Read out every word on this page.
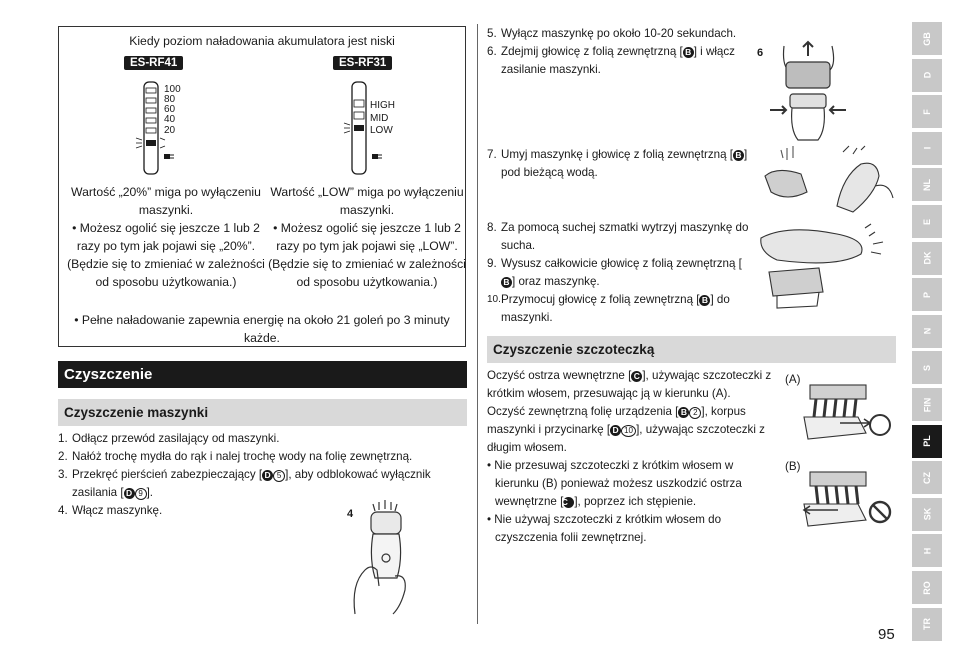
Kiedy poziom naładowania akumulatora jest niski
ES-RF41	ES-RF31
100
80
60
40
20
HIGH
MID
LOW
Wartość „20%” miga po wyłączeniu maszynki.
• Możesz ogolić się jeszcze 1 lub 2 razy po tym jak pojawi się „20%”. (Będzie się to zmieniać w zależności od sposobu użytkowania.)
Wartość „LOW” miga po wyłączeniu maszynki.
• Możesz ogolić się jeszcze 1 lub 2 razy po tym jak pojawi się „LOW”. (Będzie się to zmieniać w zależności od sposobu użytkowania.)
• Pełne naładowanie zapewnia energię na około 21 goleń po 3 minuty każde.
Czyszczenie
Czyszczenie maszynki
1. Odłącz przewód zasilający od maszynki.
2. Nałóż trochę mydła do rąk i nalej trochę wody na folię zewnętrzną.
3. Przekręć pierścień zabezpieczający [ D 5 ], aby odblokować wyłącznik zasilania [ D 9 ].
4. Włącz maszynkę.	4
5. Wyłącz maszynkę po około 10-20 sekundach.
6. Zdejmij głowicę z folią zewnętrzną [ B ] i włącz zasilanie maszynki.
7. Umyj maszynkę i głowicę z folią zewnętrzną [ B ] pod bieżącą wodą.
8. Za pomocą suchej szmatki wytrzyj maszynkę do sucha.
9. Wysusz całkowicie głowicę z folią zewnętrzną [B ] oraz maszynkę.
10. Przymocuj głowicę z folią zewnętrzną [ B ] do maszynki.
6
Czyszczenie szczoteczką
Oczyść ostrza wewnętrzne [ C ], używając szczoteczki z krótkim włosem, przesuwając ją w kierunku (A).
Oczyść zewnętrzną folię urządzenia [ B 2 ], korpus maszynki i przycinarkę [ D 10 ], używając szczoteczki z długim włosem.
• Nie przesuwaj szczoteczki z krótkim włosem w kierunku (B) ponieważ możesz uszkodzić ostrza wewnętrzne [C ], poprzez ich stępienie.
• Nie używaj szczoteczki z krótkim włosem do czyszczenia folii zewnętrznej.
(A)
(B)
GB
D
F
I
NL
E
DK
P
N
S
FIN
PL
CZ
SK
H
RO
TR
95
